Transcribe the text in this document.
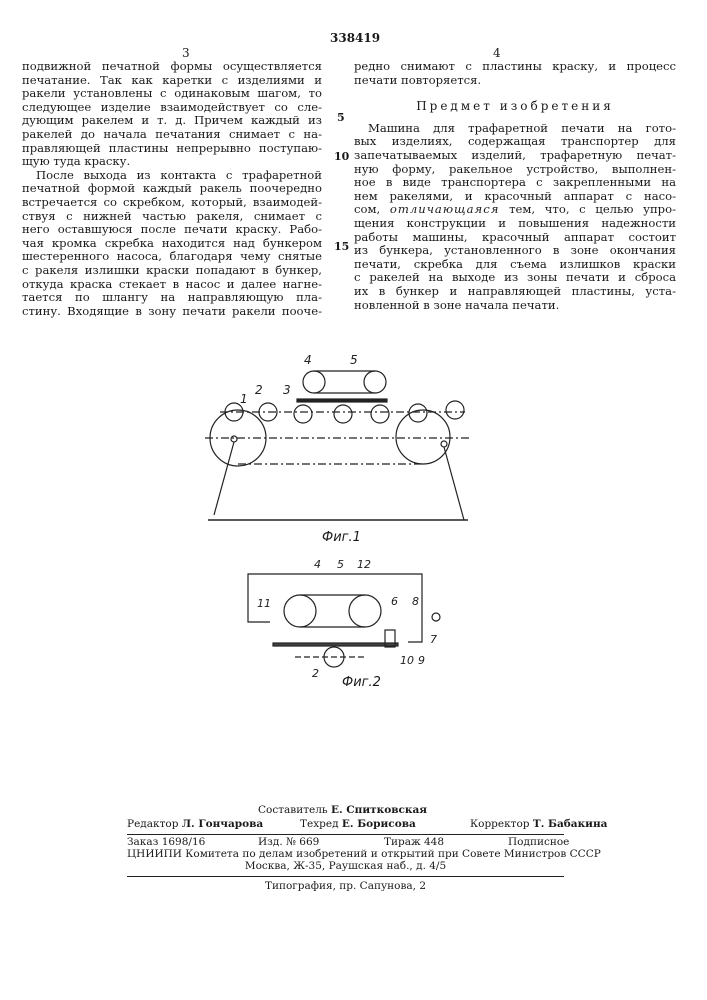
338419
3	4
подвижной печатной формы осуществляется
печатание. Так как каретки с изделиями и
ракели установлены с одинаковым шагом, то
следующее изделие взаимодействует со сле-
дующим ракелем и т. д. Причем каждый из
ракелей до начала печатания снимает с на-
правляющей пластины непрерывно поступаю-
щую туда краску.
После выхода из контакта с трафаретной
печатной формой каждый ракель поочередно
встречается со скребком, который, взаимодей-
ствуя с нижней частью ракеля, снимает с
него оставшуюся после печати краску. Рабо-
чая кромка скребка находится над бункером
шестеренного насоса, благодаря чему снятые
с ракеля излишки краски попадают в бункер,
откуда краска стекает в насос и далее нагне-
тается по шлангу на направляющую пла-
стину. Входящие в зону печати ракели пооче-
5
10
15
редно снимают с пластины краску, и процесс
печати повторяется.
Предмет изобретения
Машина для трафаретной печати на гото-
вых изделиях, содержащая транспортер для
запечатываемых изделий, трафаретную печат-
ную форму, ракельное устройство, выполнен-
ное в виде транспортера с закрепленными на
нем ракелями, и красочный аппарат с насо-
сом, отличающаяся тем, что, с целью упро-
щения конструкции и повышения надежности
работы машины, красочный аппарат состоит
из бункера, установленного в зоне окончания
печати, скребка для съема излишков краски
с ракелей на выходе из зоны печати и сброса
их в бункер и направляющей пластины, уста-
новленной в зоне начала печати.
4	5
3
2
1
Фиг.1
4 5 12
11	6 8
7
10 9
2
Фиг.2
Составитель Е. Спитковская
Редактор Л. Гончарова	Техред Е. Борисова	Корректор Т. Бабакина
Заказ 1698/16	Изд. № 669	Тираж 448	Подписное
ЦНИИПИ Комитета по делам изобретений и открытий при Совете Министров СССР
Москва, Ж-35, Раушская наб., д. 4/5
Типография, пр. Сапунова, 2
